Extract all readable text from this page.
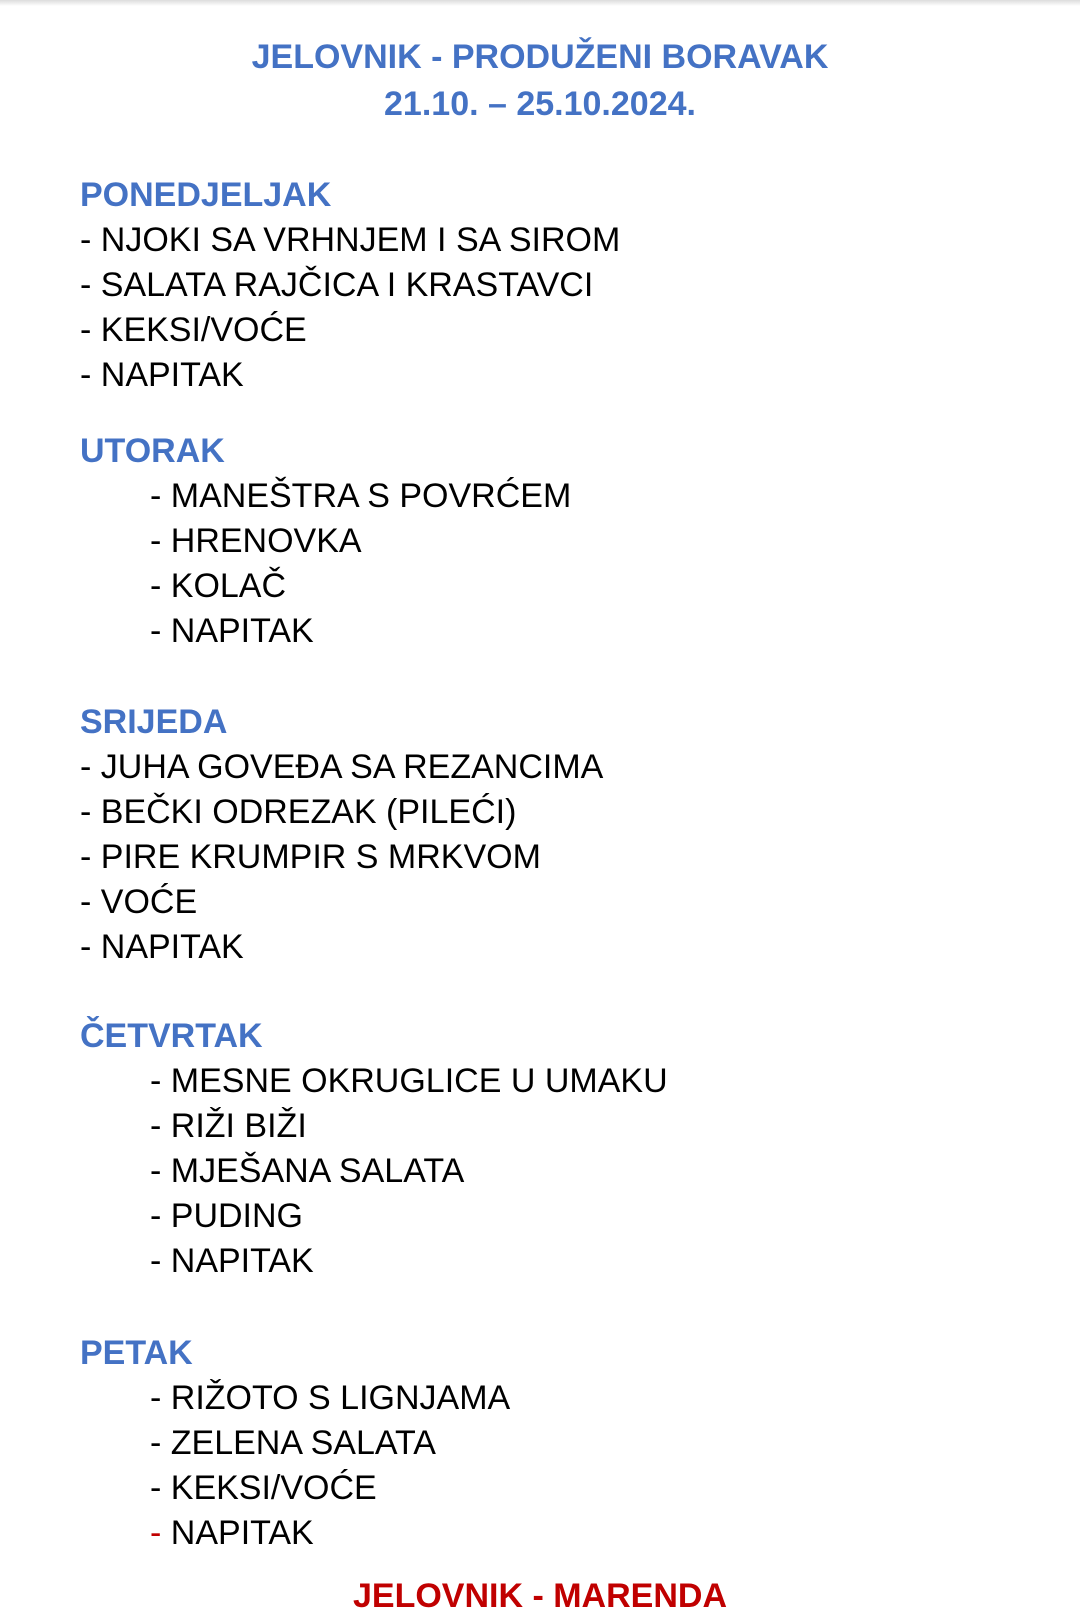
JELOVNIK - PRODUŽENI BORAVAK
21.10. – 25.10.2024.
PONEDJELJAK
- NJOKI SA VRHNJEM I SA SIROM
- SALATA RAJČICA I KRASTAVCI
- KEKSI/VOĆE
- NAPITAK
UTORAK
- MANEŠTRA S POVRĆEM
- HRENOVKA
- KOLAČ
- NAPITAK
SRIJEDA
- JUHA GOVEĐA SA REZANCIMA
- BEČKI ODREZAK (PILEĆI)
- PIRE KRUMPIR S MRKVOM
- VOĆE
- NAPITAK
ČETVRTAK
- MESNE OKRUGLICE U UMAKU
- RIŽI BIŽI
- MJEŠANA SALATA
- PUDING
- NAPITAK
PETAK
- RIŽOTO S LIGNJAMA
- ZELENA SALATA
- KEKSI/VOĆE
- NAPITAK
JELOVNIK - MARENDA
